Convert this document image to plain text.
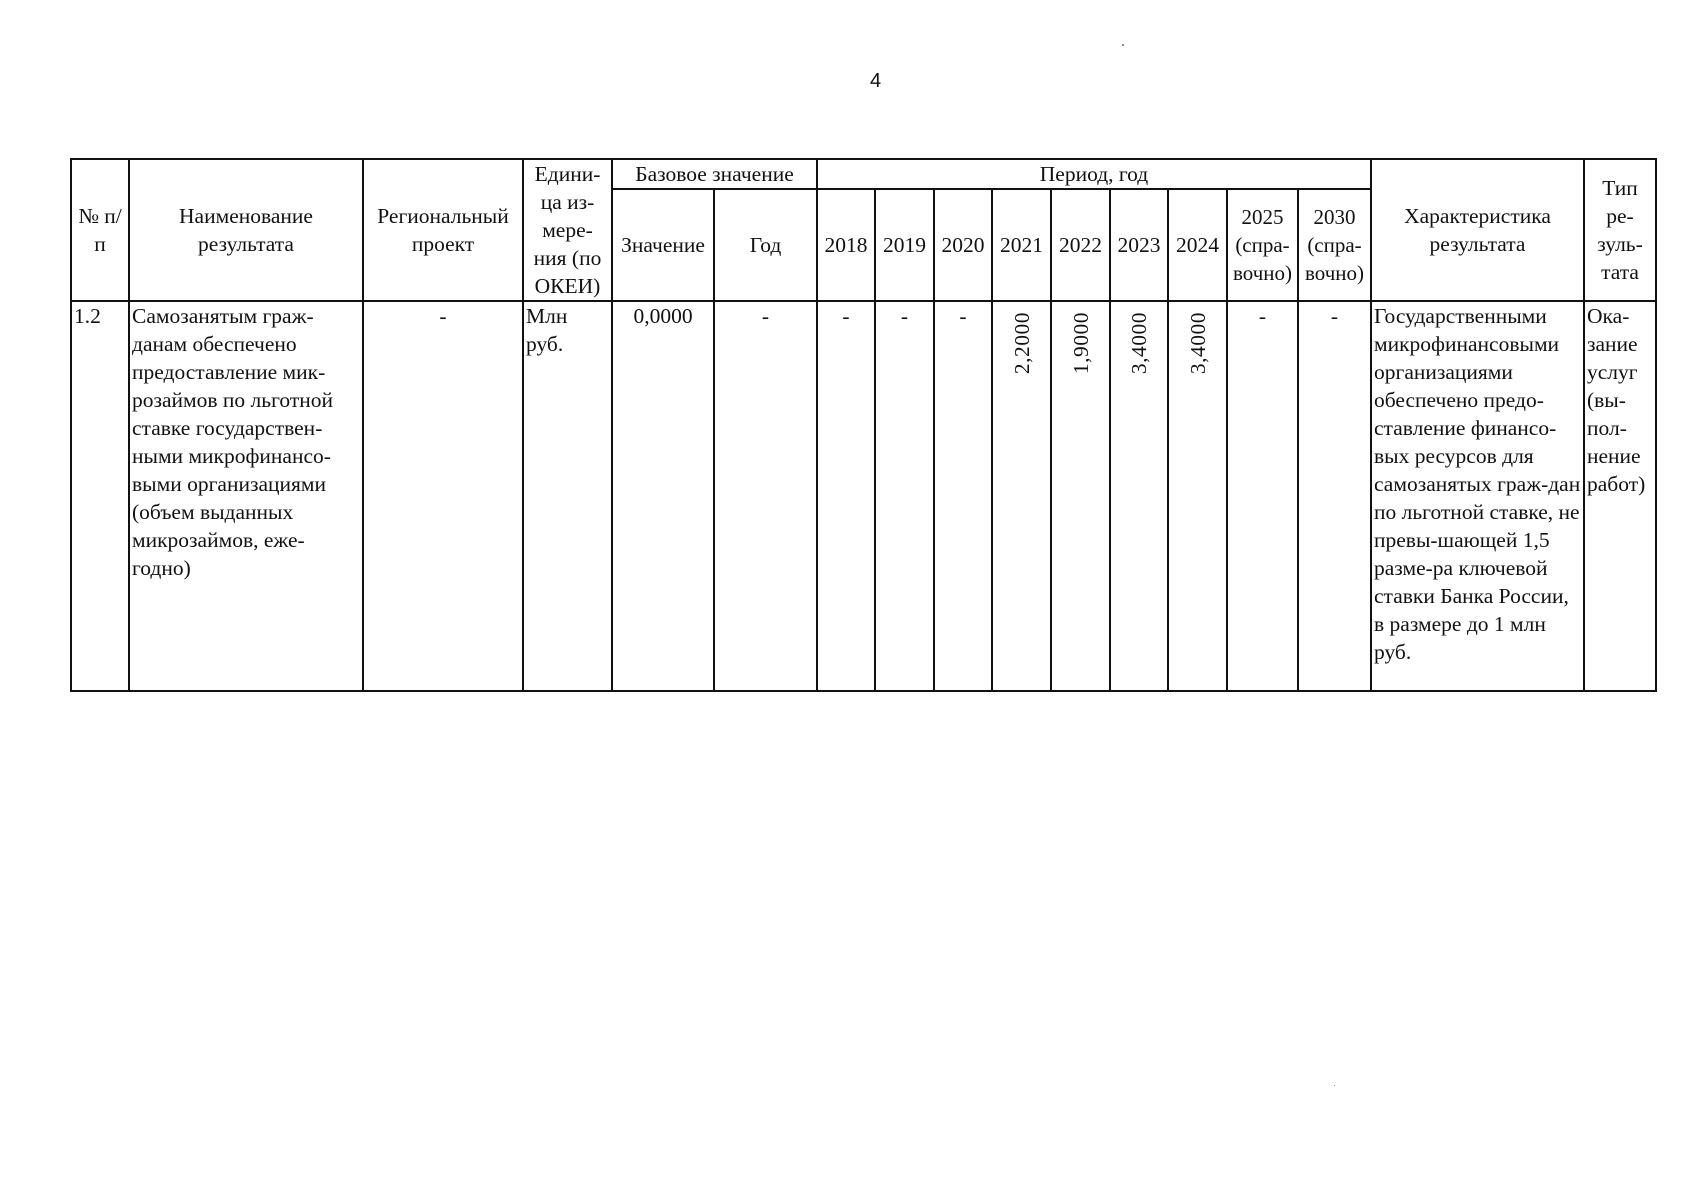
4
№ п/п	Наименование результата	Региональный проект	Едини-ца из-мере-ния (по ОКЕИ)	Базовое значение		Период, год									Характеристика результата	Тип ре-зуль-тата
				Значение	Год	2018	2019	2020	2021	2022	2023	2024	2025 (спра-вочно)	2030 (спра-вочно)		
1.2	Самозанятым граж-данам обеспечено предоставление мик-розаймов по льготной ставке государствен-ными микрофинансо-выми организациями (объем выданных микрозаймов, еже-годно)	-	Млн руб.	0,0000	-	-	-	-	2,2000	1,9000	3,4000	3,4000	-	-	Государственными микрофинансовыми организациями обеспечено предо-ставление финансо-вых ресурсов для самозанятых граж-дан по льготной ставке, не превы-шающей 1,5 разме-ра ключевой ставки Банка России, в размере до 1 млн руб.	Ока-зание услуг (вы-пол-нение работ)
